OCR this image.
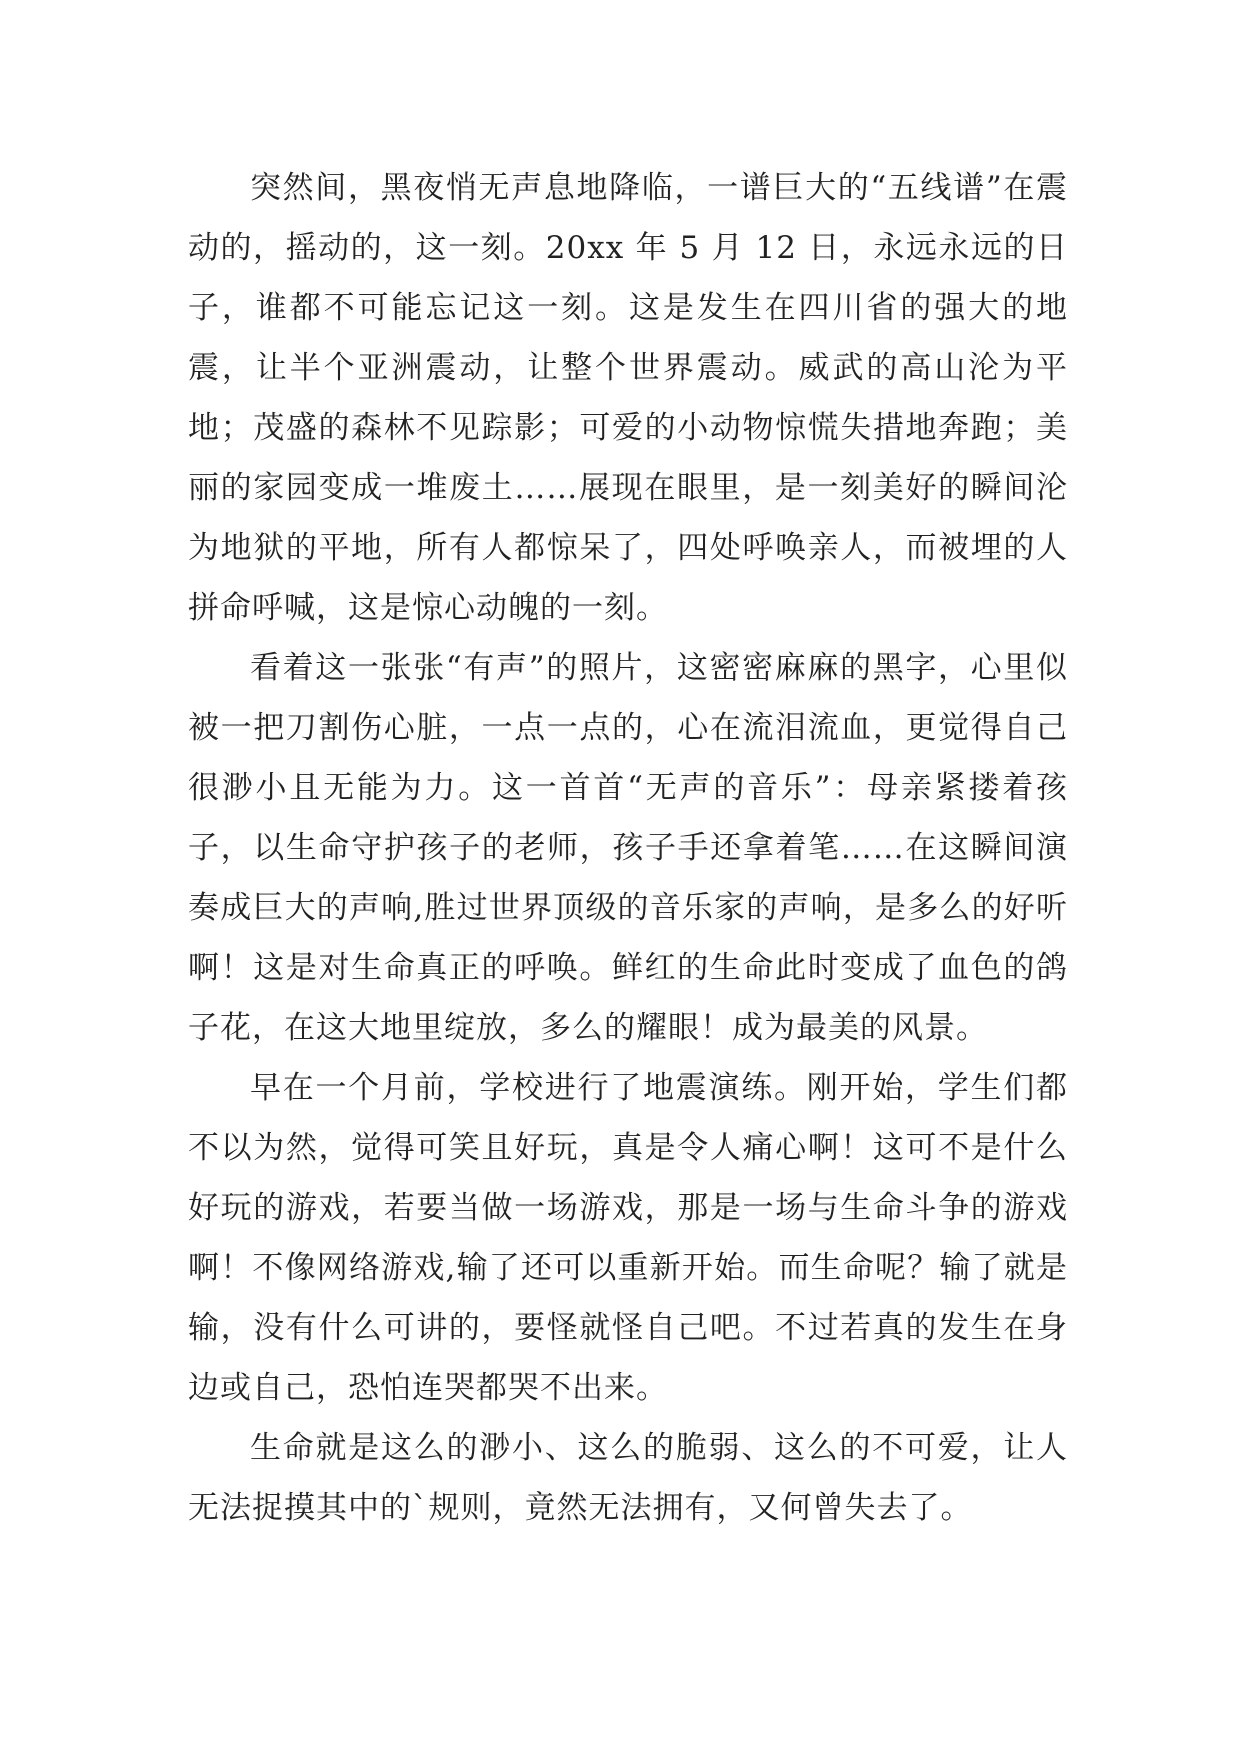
突然间，黑夜悄无声息地降临，一谱巨大的“五线谱”在震动的，摇动的，这一刻。20xx 年 5 月 12 日，永远永远的日子，谁都不可能忘记这一刻。这是发生在四川省的强大的地震，让半个亚洲震动，让整个世界震动。威武的高山沦为平地；茂盛的森林不见踪影；可爱的小动物惊慌失措地奔跑；美丽的家园变成一堆废土……展现在眼里，是一刻美好的瞬间沦为地狱的平地，所有人都惊呆了，四处呼唤亲人，而被埋的人拼命呼喊，这是惊心动魄的一刻。

看着这一张张“有声”的照片，这密密麻麻的黑字，心里似被一把刀割伤心脏，一点一点的，心在流泪流血，更觉得自己很渺小且无能为力。这一首首“无声的音乐”：母亲紧搂着孩子，以生命守护孩子的老师，孩子手还拿着笔……在这瞬间演奏成巨大的声响,胜过世界顶级的音乐家的声响，是多么的好听啊！这是对生命真正的呼唤。鲜红的生命此时变成了血色的鸽子花，在这大地里绽放，多么的耀眼！成为最美的风景。

早在一个月前，学校进行了地震演练。刚开始，学生们都不以为然，觉得可笑且好玩，真是令人痛心啊！这可不是什么好玩的游戏，若要当做一场游戏，那是一场与生命斗争的游戏啊！不像网络游戏,输了还可以重新开始。而生命呢？输了就是输，没有什么可讲的，要怪就怪自己吧。不过若真的发生在身边或自己，恐怕连哭都哭不出来。

生命就是这么的渺小、这么的脆弱、这么的不可爱，让人无法捉摸其中的`规则，竟然无法拥有，又何曾失去了。
